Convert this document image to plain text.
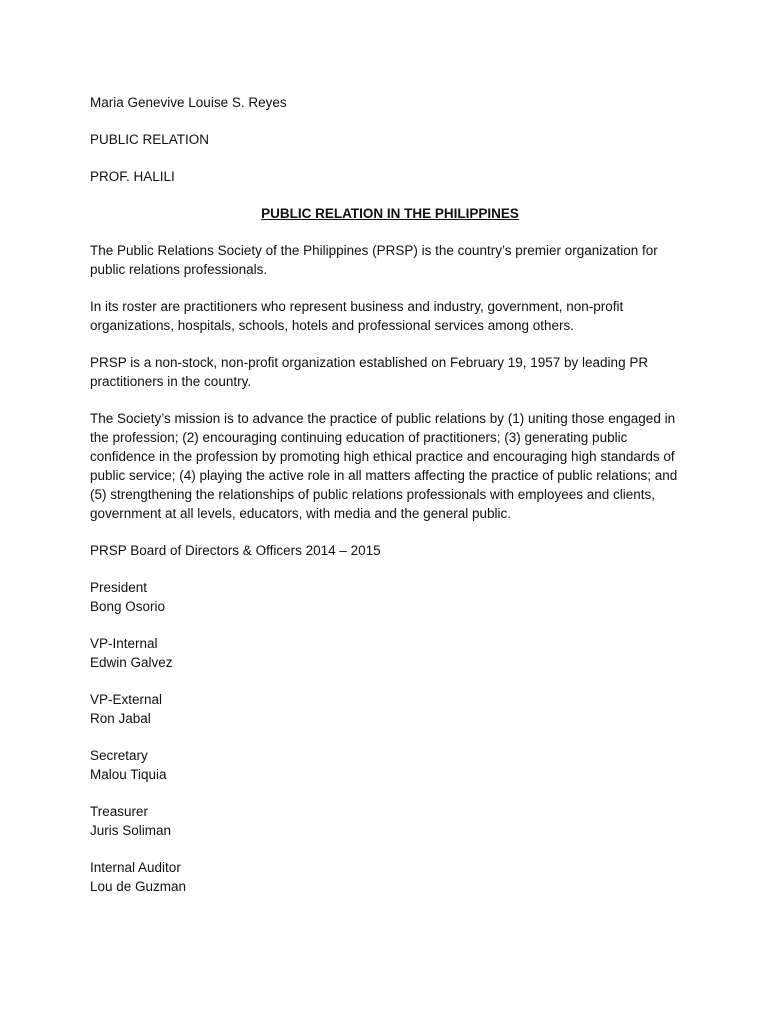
Maria Genevive Louise S. Reyes

PUBLIC RELATION

PROF. HALILI

PUBLIC RELATION IN THE PHILIPPINES

The Public Relations Society of the Philippines (PRSP) is the country’s premier organization for public relations professionals.

In its roster are practitioners who represent business and industry, government, non-profit organizations, hospitals, schools, hotels and professional services among others.

PRSP is a non-stock, non-profit organization established on February 19, 1957 by leading PR practitioners in the country.

The Society’s mission is to advance the practice of public relations by (1) uniting those engaged in the profession; (2) encouraging continuing education of practitioners; (3) generating public confidence in the profession by promoting high ethical practice and encouraging high standards of public service; (4) playing the active role in all matters affecting the practice of public relations; and (5) strengthening the relationships of public relations professionals with employees and clients, government at all levels, educators, with media and the general public.

PRSP Board of Directors & Officers 2014 – 2015

President
Bong Osorio
VP-Internal
Edwin Galvez
VP-External
Ron Jabal
Secretary
Malou Tiquia
Treasurer
Juris Soliman
Internal Auditor
Lou de Guzman
